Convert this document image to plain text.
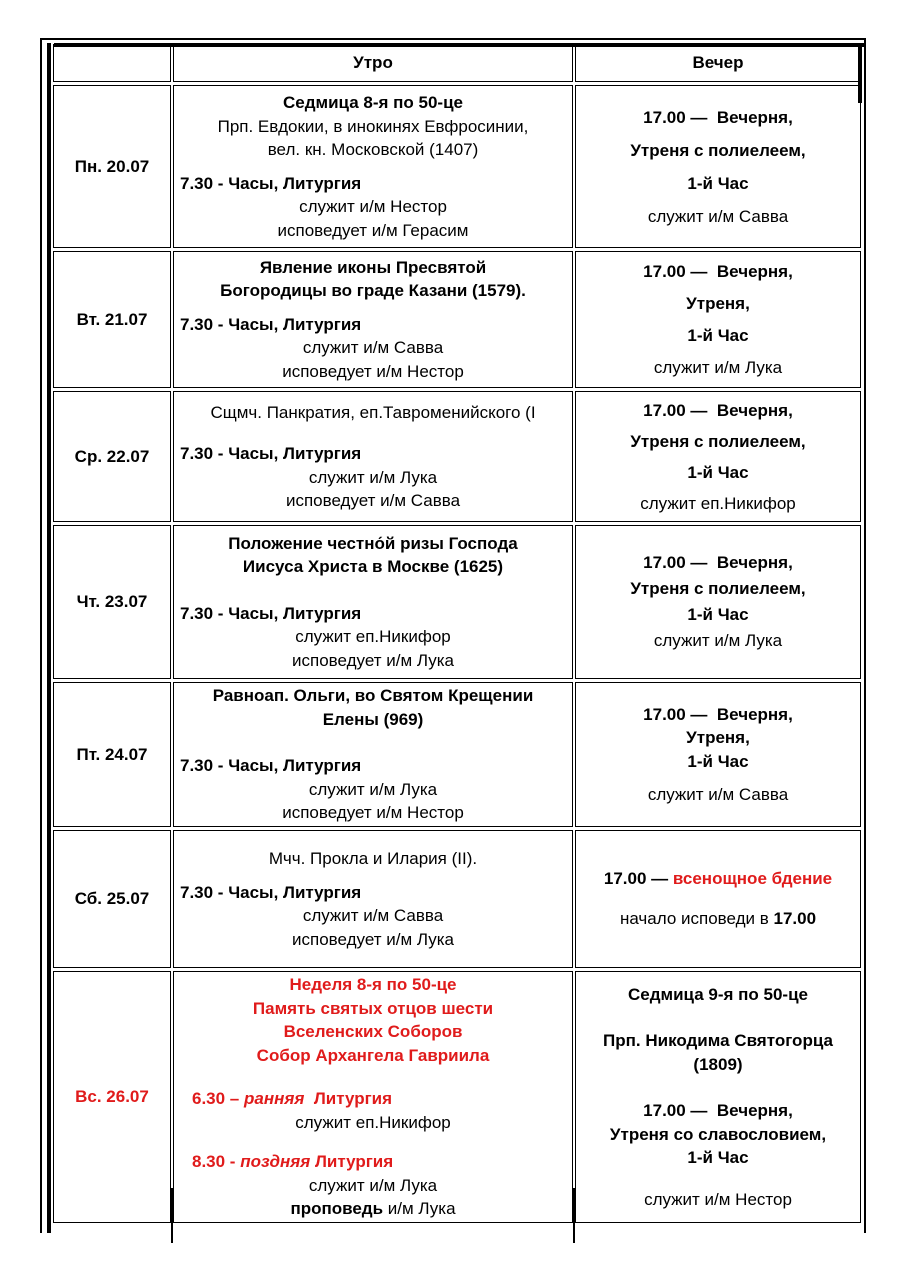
Утро	Вечер
Пн. 20.07
Седмица 8-я по 50-це
Прп. Евдокии, в инокинях Евфросинии,
вел. кн. Московской (1407)
7.30 - Часы, Литургия
служит и/м Нестор
исповедует и/м Герасим
17.00 — Вечерня,
Утреня с полиелеем,
1-й Час
служит и/м Савва
Вт. 21.07
Явление иконы Пресвятой
Богородицы во граде Казани (1579).
7.30 - Часы, Литургия
служит и/м Савва
исповедует и/м Нестор
17.00 — Вечерня,
Утреня,
1-й Час
служит и/м Лука
Ср. 22.07
Сщмч. Панкратия, еп.Тавроменийского (I
7.30 - Часы, Литургия
служит и/м Лука
исповедует и/м Савва
17.00 — Вечерня,
Утреня с полиелеем,
1-й Час
служит еп.Никифор
Чт. 23.07
Положение честно́й ризы Господа
Иисуса Христа в Москве (1625)
7.30 - Часы, Литургия
служит еп.Никифор
исповедует и/м Лука
17.00 — Вечерня,
Утреня с полиелеем,
1-й Час
служит и/м Лука
Пт. 24.07
Равноап. Ольги, во Святом Крещении
Елены (969)
7.30 - Часы, Литургия
служит и/м Лука
исповедует и/м Нестор
17.00 — Вечерня,
Утреня,
1-й Час
служит и/м Савва
Сб. 25.07
Мчч. Прокла и Илария (II).
7.30 - Часы, Литургия
служит и/м Савва
исповедует и/м Лука
17.00 — всенощное бдение
начало исповеди в 17.00
Вс. 26.07
Неделя 8-я по 50-це
Память святых отцов шести
Вселенских Соборов
Собор Архангела Гавриила
6.30 – ранняя Литургия
служит еп.Никифор
8.30 - поздняя Литургия
служит и/м Лука
проповедь и/м Лука
Седмица 9-я по 50-це
Прп. Никодима Святогорца
(1809)
17.00 — Вечерня,
Утреня со славословием,
1-й Час
служит и/м Нестор
